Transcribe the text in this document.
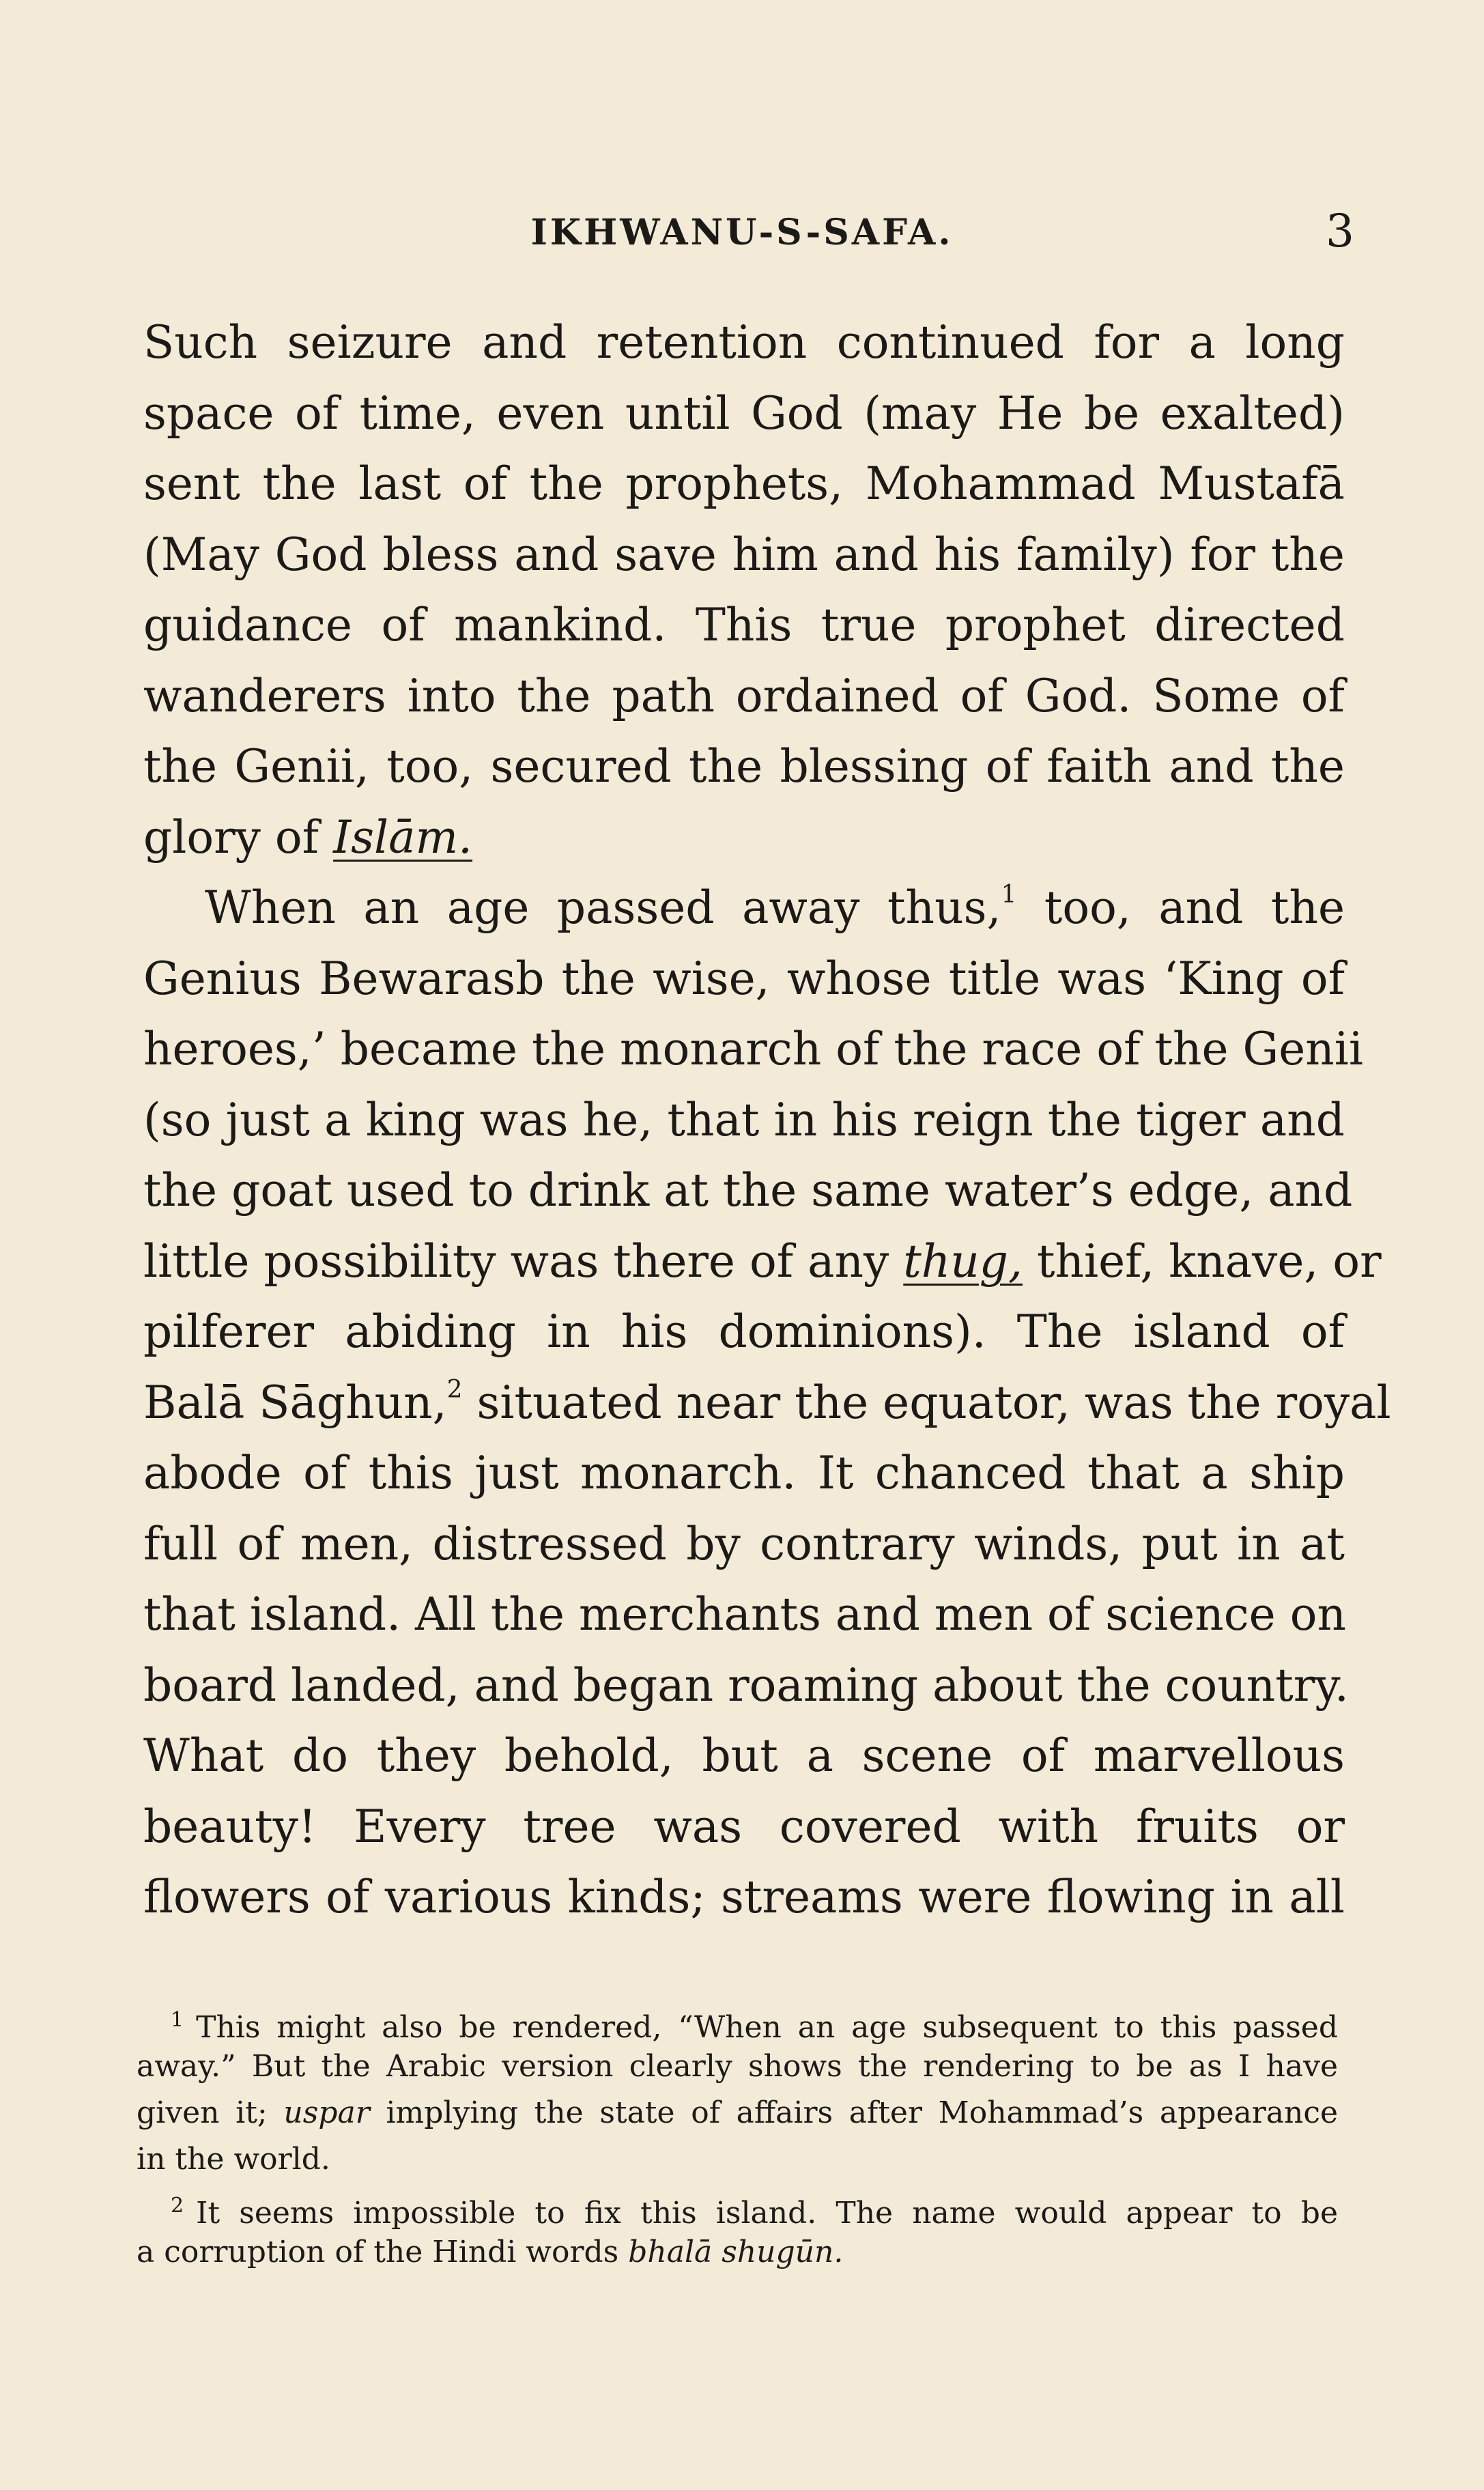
IKHWANU-S-SAFA.	3
Such seizure and retention continued for a long
space of time, even until God (may He be exalted)
sent the last of the prophets, Mohammad Mustafā
(May God bless and save him and his family) for the
guidance of mankind. This true prophet directed
wanderers into the path ordained of God. Some of
the Genii, too, secured the blessing of faith and the
glory of Islām.
When an age passed away thus,$^1$ too, and the
Genius Bewarasb the wise, whose title was ‘King of
heroes,’ became the monarch of the race of the Genii
(so just a king was he, that in his reign the tiger and
the goat used to drink at the same water’s edge, and
little possibility was there of any thug, thief, knave, or
pilferer abiding in his dominions). The island of
Balā Sāghun,$^2$ situated near the equator, was the royal
abode of this just monarch. It chanced that a ship
full of men, distressed by contrary winds, put in at
that island. All the merchants and men of science on
board landed, and began roaming about the country.
What do they behold, but a scene of marvellous
beauty! Every tree was covered with fruits or
flowers of various kinds; streams were flowing in all
$^1$ This might also be rendered, “When an age subsequent to this passed
away.” But the Arabic version clearly shows the rendering to be as I have
given it; uspar implying the state of affairs after Mohammad’s appearance
in the world.
$^2$ It seems impossible to fix this island. The name would appear to be
a corruption of the Hindi words bhalā shugūn.
